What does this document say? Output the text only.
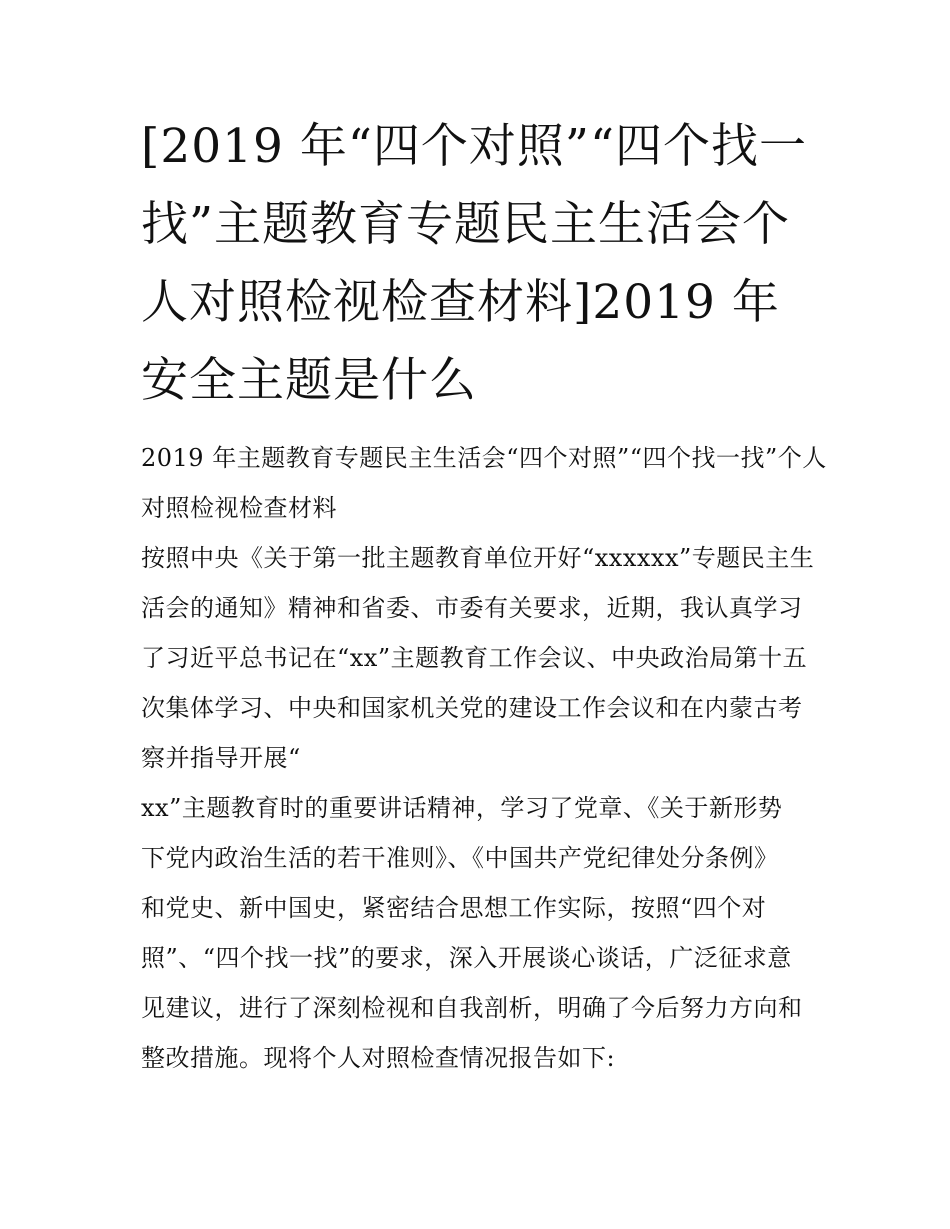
[2019 年“四个对照”“四个找一
找”主题教育专题民主生活会个
人对照检视检查材料]2019 年
安全主题是什么
2019 年主题教育专题民主生活会“四个对照”“四个找一找”个人
对照检视检查材料
按照中央《关于第一批主题教育单位开好“xxxxxx”专题民主生
活会的通知》精神和省委、市委有关要求，近期，我认真学习
了习近平总书记在“xx”主题教育工作会议、中央政治局第十五
次集体学习、中央和国家机关党的建设工作会议和在内蒙古考
察并指导开展“
xx”主题教育时的重要讲话精神，学习了党章、《关于新形势
下党内政治生活的若干准则》、《中国共产党纪律处分条例》
和党史、新中国史，紧密结合思想工作实际，按照“四个对
照”、“四个找一找”的要求，深入开展谈心谈话，广泛征求意
见建议，进行了深刻检视和自我剖析，明确了今后努力方向和
整改措施。现将个人对照检查情况报告如下:
